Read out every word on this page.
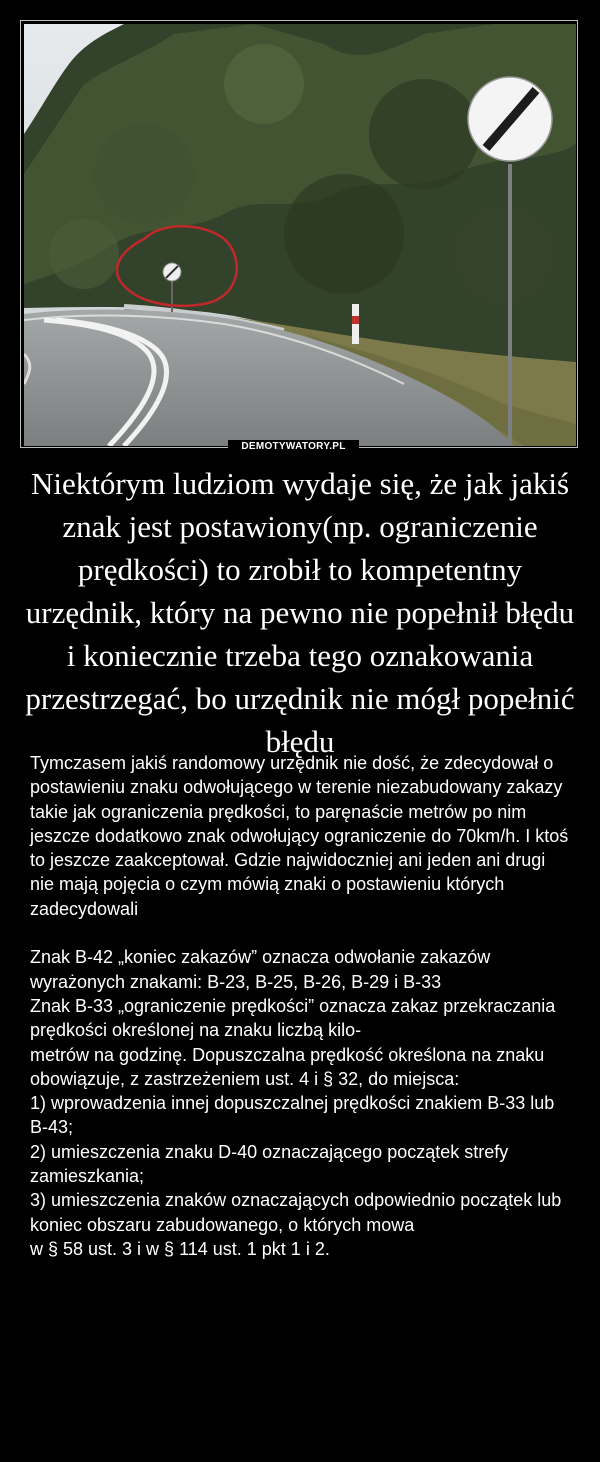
DEMOTYWATORY.PL
Niektórym ludziom wydaje się, że jak jakiś znak jest postawiony(np. ograniczenie prędkości) to zrobił to kompetentny urzędnik, który na pewno nie popełnił błędu i koniecznie trzeba tego oznakowania przestrzegać, bo urzędnik nie mógł popełnić błędu

Tymczasem jakiś randomowy urzędnik nie dość, że zdecydował o postawieniu znaku odwołującego w terenie niezabudowany zakazy takie jak ograniczenia prędkości, to paręnaście metrów po nim jeszcze dodatkowo znak odwołujący ograniczenie do 70km/h. I ktoś to jeszcze zaakceptował. Gdzie najwidoczniej ani jeden ani drugi nie mają pojęcia o czym mówią znaki o postawieniu których zadecydowali

Znak B-42 „koniec zakazów” oznacza odwołanie zakazów wyrażonych znakami: B-23, B-25, B-26, B-29 i B-33
Znak B-33 „ograniczenie prędkości” oznacza zakaz przekraczania prędkości określonej na znaku liczbą kilo-
metrów na godzinę. Dopuszczalna prędkość określona na znaku obowiązuje, z zastrzeżeniem ust. 4 i § 32, do miejsca:
1) wprowadzenia innej dopuszczalnej prędkości znakiem B-33 lub B-43;
2) umieszczenia znaku D-40 oznaczającego początek strefy zamieszkania;
3) umieszczenia znaków oznaczających odpowiednio początek lub koniec obszaru zabudowanego, o których mowa
w § 58 ust. 3 i w § 114 ust. 1 pkt 1 i 2.
